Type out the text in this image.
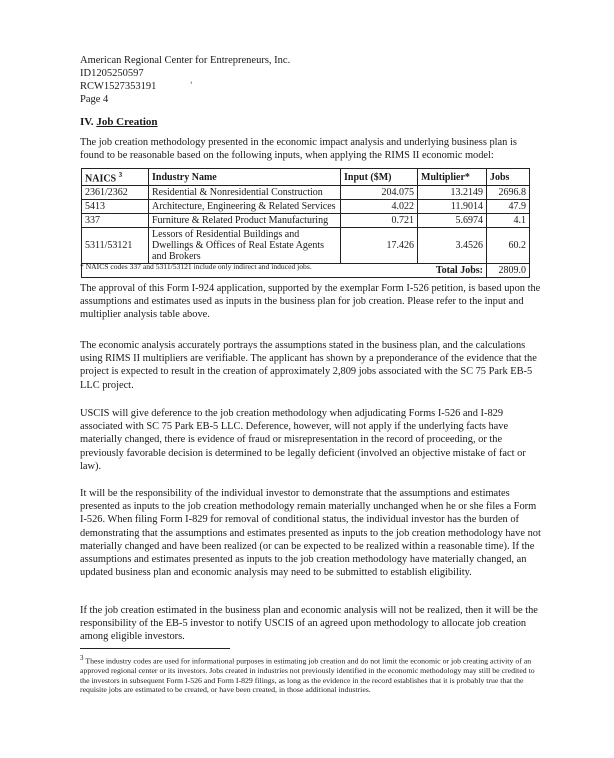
American Regional Center for Entrepreneurs, Inc.
ID1205250597
RCW1527353191
Page 4
ʻ
IV. Job Creation
The job creation methodology presented in the economic impact analysis and underlying business plan is found to be reasonable based on the following inputs, when applying the RIMS II economic model:
NAICS $^3$	Industry Name	Input ($M)	Multiplier*	Jobs
2361/2362	Residential & Nonresidential Construction	204.075	13.2149	2696.8
5413	Architecture, Engineering & Related Services	4.022	11.9014	47.9
337	Furniture & Related Product Manufacturing	0.721	5.6974	4.1
5311/53121	Lessors of Residential Buildings and Dwellings & Offices of Real Estate Agents and Brokers	17.426	3.4526	60.2
Total Jobs:				2809.0
* NAICS codes 337 and 5311/53121 include only indirect and induced jobs.
The approval of this Form I-924 application, supported by the exemplar Form I-526 petition, is based upon the assumptions and estimates used as inputs in the business plan for job creation. Please refer to the input and multiplier analysis table above.
The economic analysis accurately portrays the assumptions stated in the business plan, and the calculations using RIMS II multipliers are verifiable. The applicant has shown by a preponderance of the evidence that the project is expected to result in the creation of approximately 2,809 jobs associated with the SC 75 Park EB-5 LLC project.
USCIS will give deference to the job creation methodology when adjudicating Forms I-526 and I-829 associated with SC 75 Park EB-5 LLC. Deference, however, will not apply if the underlying facts have materially changed, there is evidence of fraud or misrepresentation in the record of proceeding, or the previously favorable decision is determined to be legally deficient (involved an objective mistake of fact or law).
It will be the responsibility of the individual investor to demonstrate that the assumptions and estimates presented as inputs to the job creation methodology remain materially unchanged when he or she files a Form I-526. When filing Form I-829 for removal of conditional status, the individual investor has the burden of demonstrating that the assumptions and estimates presented as inputs to the job creation methodology have not materially changed and have been realized (or can be expected to be realized within a reasonable time). If the assumptions and estimates presented as inputs to the job creation methodology have materially changed, an updated business plan and economic analysis may need to be submitted to establish eligibility.
If the job creation estimated in the business plan and economic analysis will not be realized, then it will be the responsibility of the EB-5 investor to notify USCIS of an agreed upon methodology to allocate job creation among eligible investors.
$^3$ These industry codes are used for informational purposes in estimating job creation and do not limit the economic or job creating activity of an approved regional center or its investors. Jobs created in industries not previously identified in the economic methodology may still be credited to the investors in subsequent Form I-526 and Form I-829 filings, as long as the evidence in the record establishes that it is probably true that the requisite jobs are estimated to be created, or have been created, in those additional industries.
